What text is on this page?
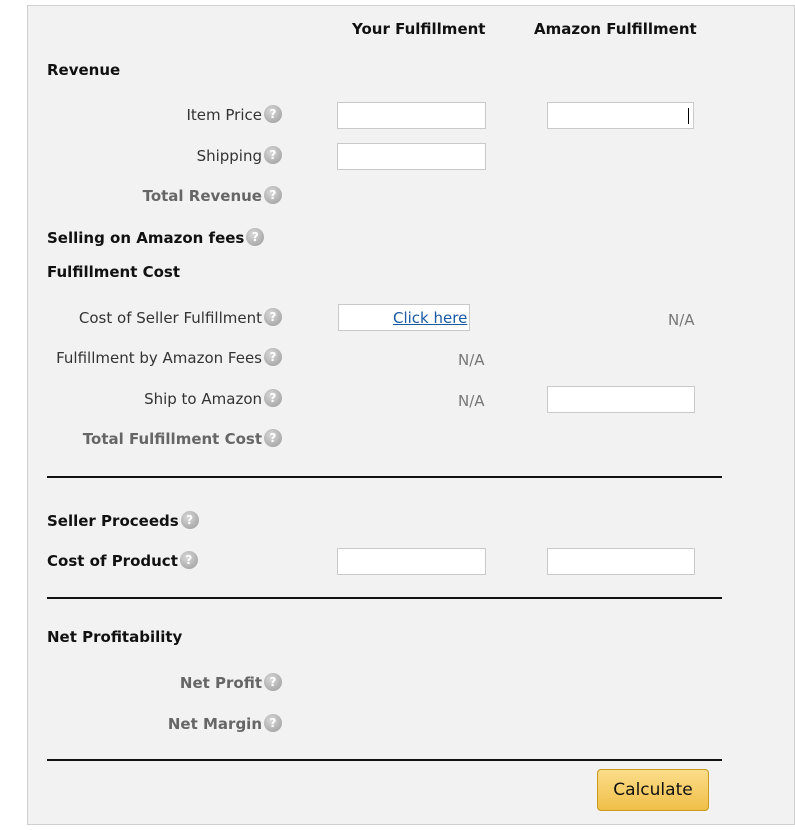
Your Fulfillment	Amazon Fulfillment
Revenue
Item Price?
Shipping?
Total Revenue?
Selling on Amazon fees?
Fulfillment Cost
Cost of Seller Fulfillment ?	Click here	N/A
Fulfillment by Amazon Fees ?	N/A
Ship to Amazon ?	N/A
Total Fulfillment Cost?
Seller Proceeds?
Cost of Product?
Net Profitability
Net Profit?
Net Margin?
Calculate
